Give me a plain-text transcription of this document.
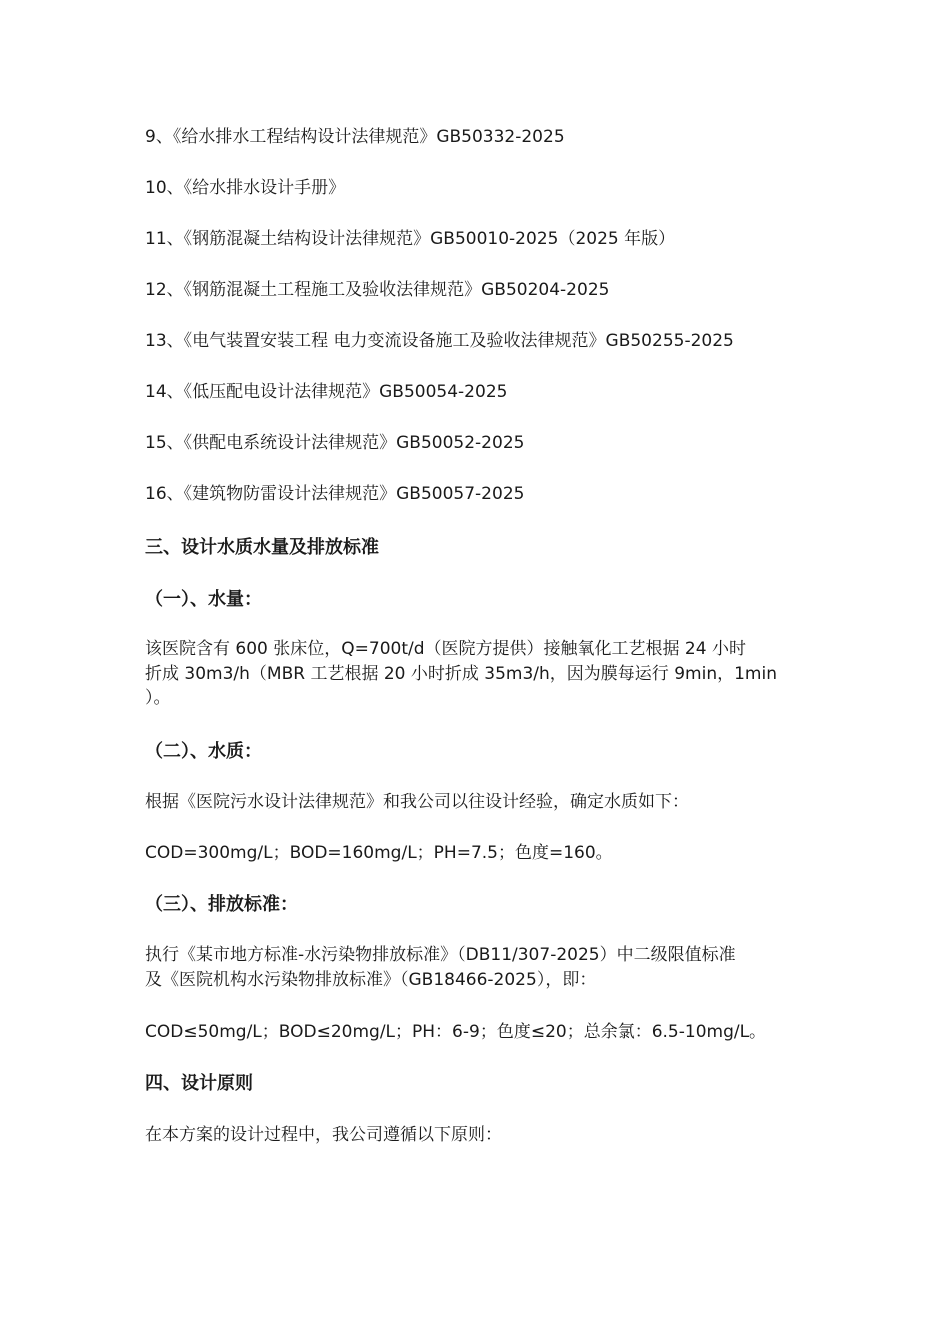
9、《给水排水工程结构设计法律规范》GB50332-2025
10、《给水排水设计手册》
11、《钢筋混凝土结构设计法律规范》GB50010-2025（2025 年版）
12、《钢筋混凝土工程施工及验收法律规范》GB50204-2025
13、《电气装置安装工程 电力变流设备施工及验收法律规范》GB50255-2025
14、《低压配电设计法律规范》GB50054-2025
15、《供配电系统设计法律规范》GB50052-2025
16、《建筑物防雷设计法律规范》GB50057-2025
三、设计水质水量及排放标准
（一）、水量：
该医院含有 600 张床位，Q=700t/d（医院方提供）接触氧化工艺根据 24 小时
折成 30m3/h（MBR 工艺根据 20 小时折成 35m3/h，因为膜每运行 9min，1min
）。
（二）、水质：
根据《医院污水设计法律规范》和我公司以往设计经验，确定水质如下：
COD=300mg/L；BOD=160mg/L；PH=7.5；色度=160。
（三）、排放标准：
执行《某市地方标准-水污染物排放标准》（DB11/307-2025）中二级限值标准
及《医院机构水污染物排放标准》（GB18466-2025），即：
COD≤50mg/L；BOD≤20mg/L；PH：6-9；色度≤20；总余氯：6.5-10mg/L。
四、设计原则
在本方案的设计过程中，我公司遵循以下原则：
